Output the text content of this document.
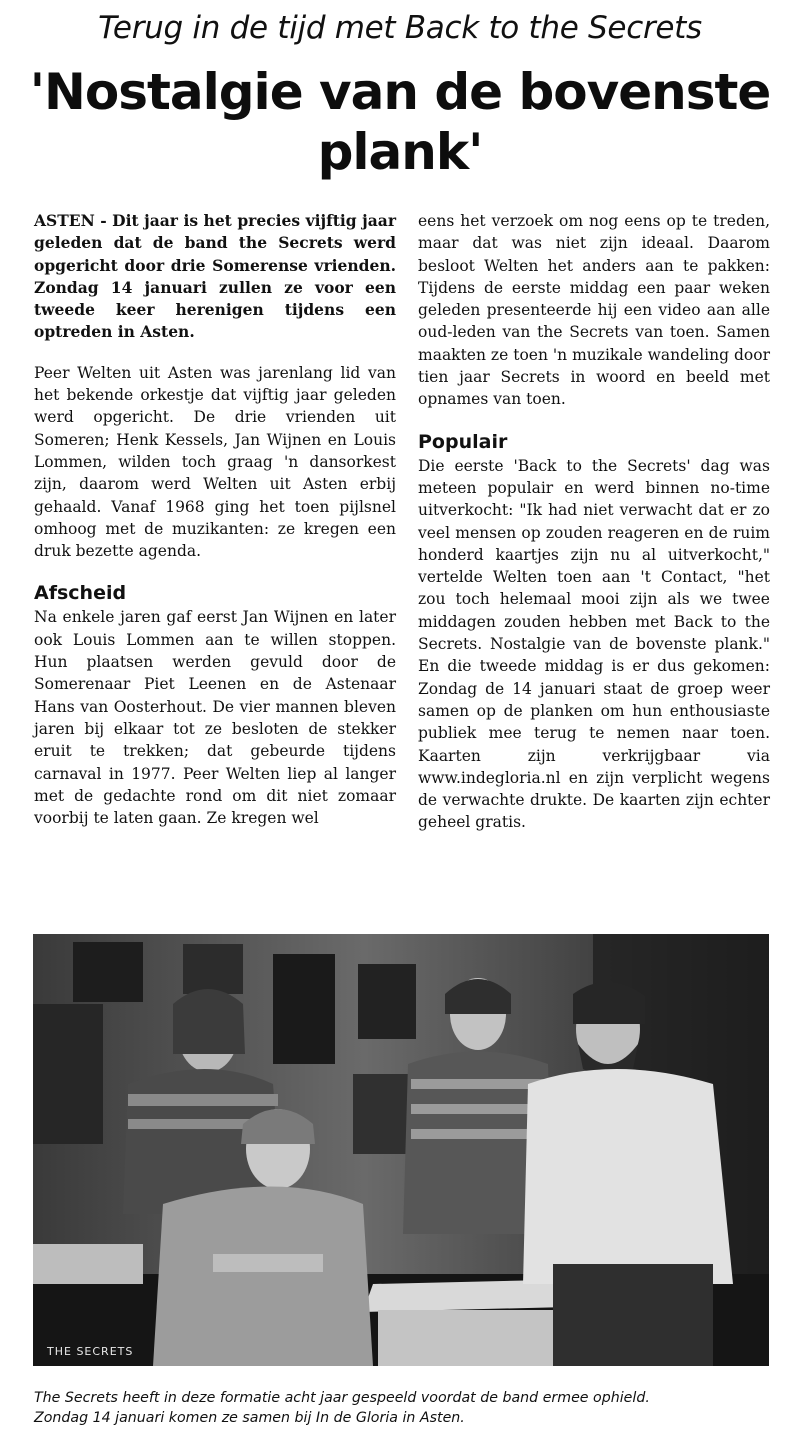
Terug in de tijd met Back to the Secrets
'Nostalgie van de bovenste plank'

ASTEN - Dit jaar is het precies vijftig jaar geleden dat de band the Secrets werd opgericht door drie Somerense vrienden. Zondag 14 januari zullen ze voor een tweede keer herenigen tijdens een optreden in Asten.

Peer Welten uit Asten was jarenlang lid van het bekende orkestje dat vijftig jaar geleden werd opgericht. De drie vrienden uit Someren; Henk Kessels, Jan Wijnen en Louis Lommen, wilden toch graag 'n dansorkest zijn, daarom werd Welten uit Asten erbij gehaald. Vanaf 1968 ging het toen pijlsnel omhoog met de muzikanten: ze kregen een druk bezette agenda.

Afscheid

Na enkele jaren gaf eerst Jan Wijnen en later ook Louis Lommen aan te willen stoppen. Hun plaatsen werden gevuld door de Somerenaar Piet Leenen en de Astenaar Hans van Oosterhout. De vier mannen bleven jaren bij elkaar tot ze besloten de stekker eruit te trekken; dat gebeurde tijdens carnaval in 1977. Peer Welten liep al langer met de gedachte rond om dit niet zomaar voorbij te laten gaan. Ze kregen wel

eens het verzoek om nog eens op te treden, maar dat was niet zijn ideaal. Daarom besloot Welten het anders aan te pakken: Tijdens de eerste middag een paar weken geleden presenteerde hij een video aan alle oud-leden van the Secrets van toen. Samen maakten ze toen 'n muzikale wandeling door tien jaar Secrets in woord en beeld met opnames van toen.

Populair

Die eerste 'Back to the Secrets' dag was meteen populair en werd binnen no-time uitverkocht: "Ik had niet verwacht dat er zo veel mensen op zouden reageren en de ruim honderd kaartjes zijn nu al uitverkocht," vertelde Welten toen aan 't Contact, "het zou toch helemaal mooi zijn als we twee middagen zouden hebben met Back to the Secrets. Nostalgie van de bovenste plank." En die tweede middag is er dus gekomen: Zondag de 14 januari staat de groep weer samen op de planken om hun enthousiaste publiek mee terug te nemen naar toen. Kaarten zijn verkrijgbaar via www.indegloria.nl en zijn verplicht wegens de verwachte drukte. De kaarten zijn echter geheel gratis.

THE SECRETS
The Secrets heeft in deze formatie acht jaar gespeeld voordat de band ermee ophield.
Zondag 14 januari komen ze samen bij In de Gloria in Asten.
